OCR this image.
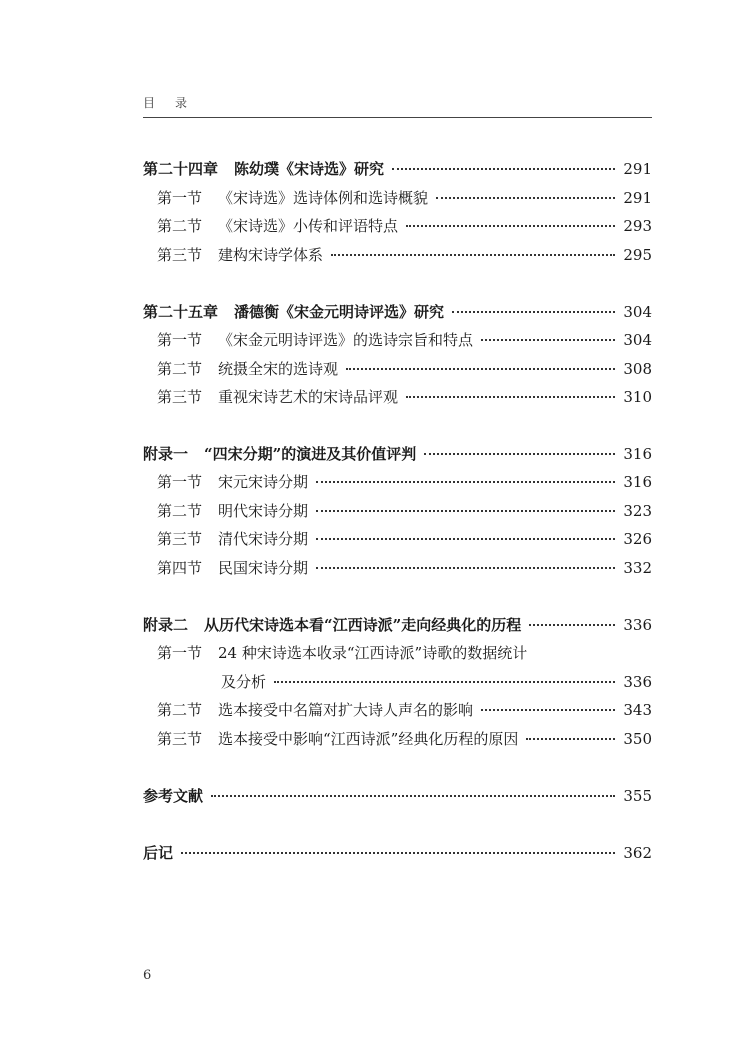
目录
第二十四章 陈幼璞《宋诗选》研究	291
第一节 《宋诗选》选诗体例和选诗概貌	291
第二节 《宋诗选》小传和评语特点	293
第三节 建构宋诗学体系	295
第二十五章 潘德衡《宋金元明诗评选》研究	304
第一节 《宋金元明诗评选》的选诗宗旨和特点	304
第二节 统摄全宋的选诗观	308
第三节 重视宋诗艺术的宋诗品评观	310
附录一 “四宋分期”的演进及其价值评判	316
第一节 宋元宋诗分期	316
第二节 明代宋诗分期	323
第三节 清代宋诗分期	326
第四节 民国宋诗分期	332
附录二 从历代宋诗选本看“江西诗派”走向经典化的历程	336
第一节 24 种宋诗选本收录“江西诗派”诗歌的数据统计
及分析	336
第二节 选本接受中名篇对扩大诗人声名的影响	343
第三节 选本接受中影响“江西诗派”经典化历程的原因	350
参考文献	355
后记	362
6
